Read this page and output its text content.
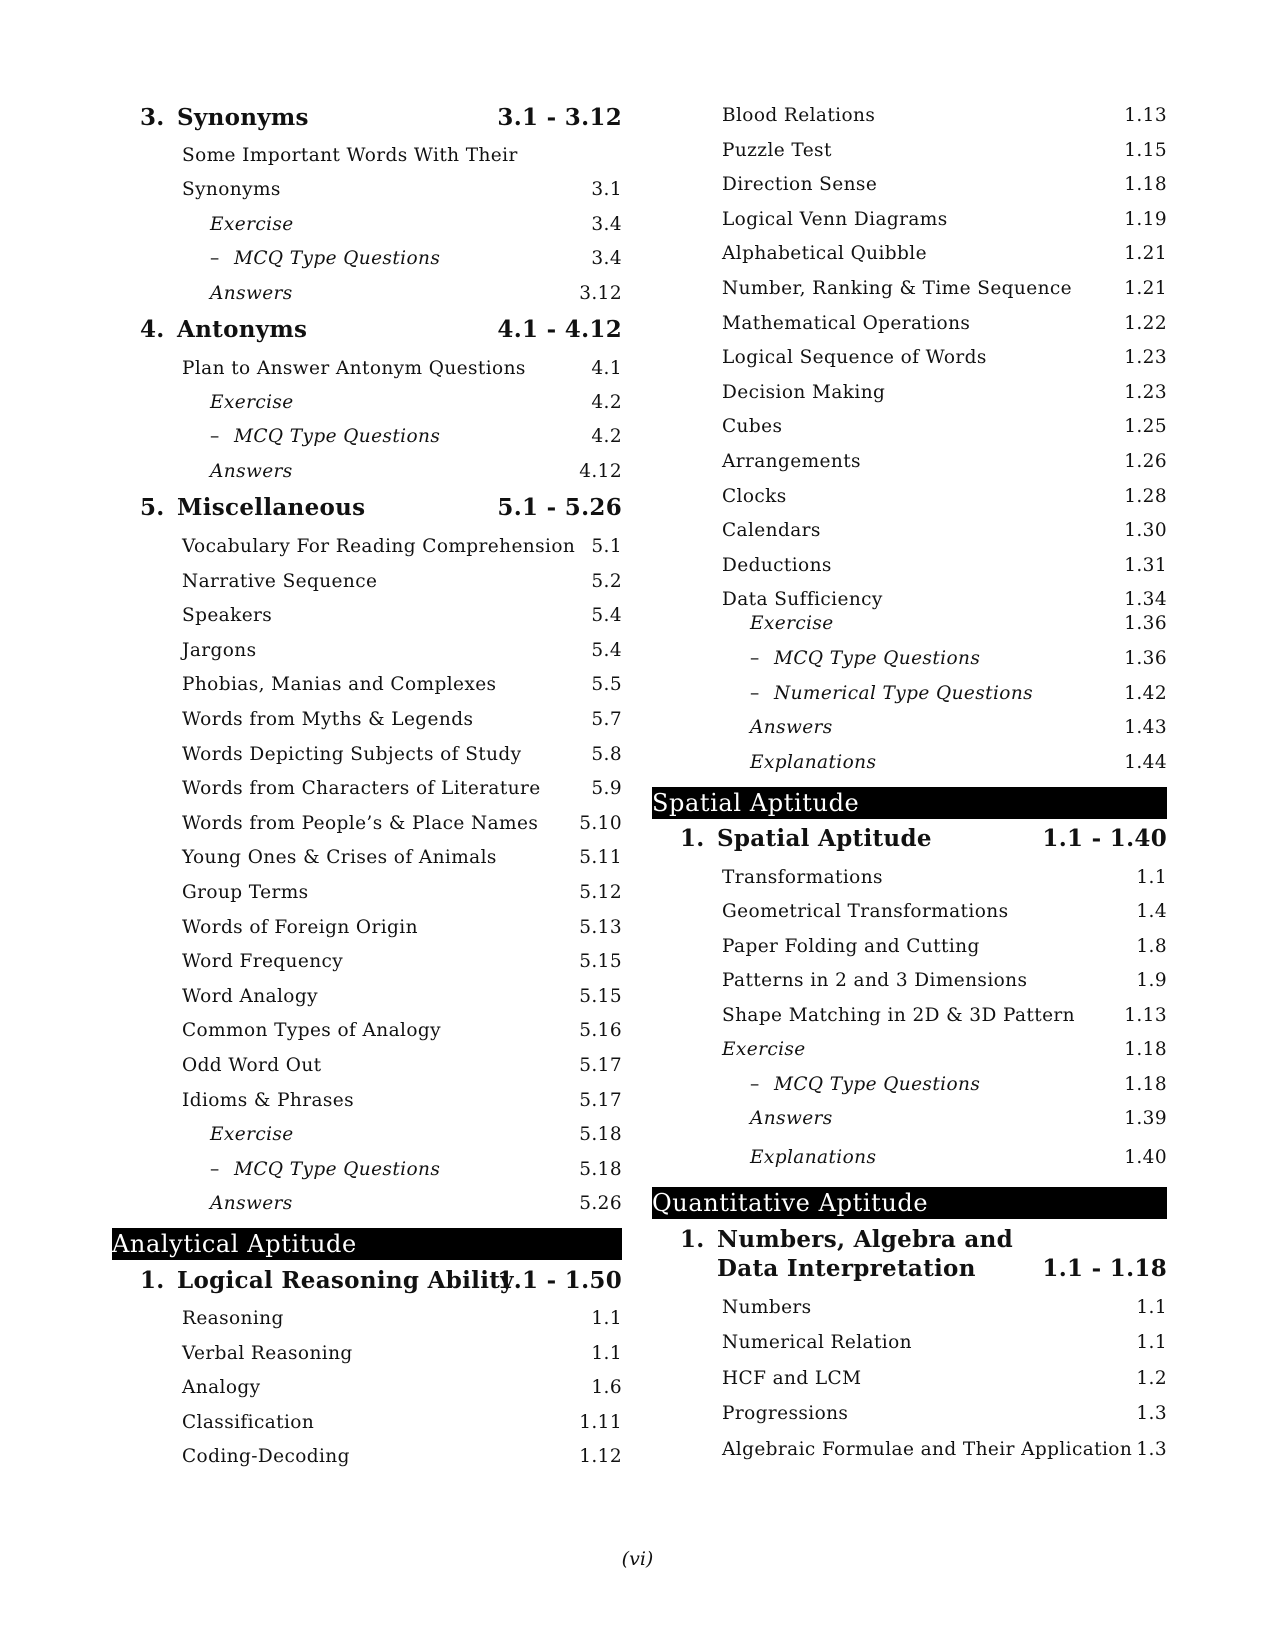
3. Synonyms	3.1 - 3.12
Some Important Words With Their
Synonyms	3.1
Exercise	3.4
– MCQ Type Questions	3.4
Answers	3.12
4. Antonyms	4.1 - 4.12
Plan to Answer Antonym Questions	4.1
Exercise	4.2
– MCQ Type Questions	4.2
Answers	4.12
5. Miscellaneous	5.1 - 5.26
Vocabulary For Reading Comprehension 5.1
Narrative Sequence	5.2
Speakers	5.4
Jargons	5.4
Phobias, Manias and Complexes	5.5
Words from Myths & Legends	5.7
Words Depicting Subjects of Study	5.8
Words from Characters of Literature	5.9
Words from People’s & Place Names 5.10
Young Ones & Crises of Animals	5.11
Group Terms	5.12
Words of Foreign Origin	5.13
Word Frequency	5.15
Word Analogy	5.15
Common Types of Analogy	5.16
Odd Word Out	5.17
Idioms & Phrases	5.17
Exercise	5.18
– MCQ Type Questions	5.18
Answers	5.26
Analytical Aptitude
1. Logical Reasoning Ability
1.1 - 1.50
Reasoning	1.1
Verbal Reasoning	1.1
Analogy	1.6
Classification	1.11
Coding-Decoding	1.12
Blood Relations	1.13
Puzzle Test	1.15
Direction Sense	1.18
Logical Venn Diagrams	1.19
Alphabetical Quibble	1.21
Number, Ranking & Time Sequence	1.21
Mathematical Operations	1.22
Logical Sequence of Words	1.23
Decision Making	1.23
Cubes	1.25
Arrangements	1.26
Clocks	1.28
Calendars	1.30
Deductions	1.31
Data Sufficiency	1.34
Exercise	1.36
– MCQ Type Questions	1.36
– Numerical Type Questions	1.42
Answers	1.43
Explanations	1.44
Spatial Aptitude
1. Spatial Aptitude	1.1 - 1.40
Transformations	1.1
Geometrical Transformations	1.4
Paper Folding and Cutting	1.8
Patterns in 2 and 3 Dimensions	1.9
Shape Matching in 2D & 3D Pattern	1.13
Exercise	1.18
– MCQ Type Questions	1.18
Answers	1.39
Explanations	1.40
Quantitative Aptitude
1. Numbers, Algebra and
Data Interpretation	1.1 - 1.18
Numbers	1.1
Numerical Relation	1.1
HCF and LCM	1.2
Progressions	1.3
Algebraic Formulae and Their Application 1.3
(vi)
